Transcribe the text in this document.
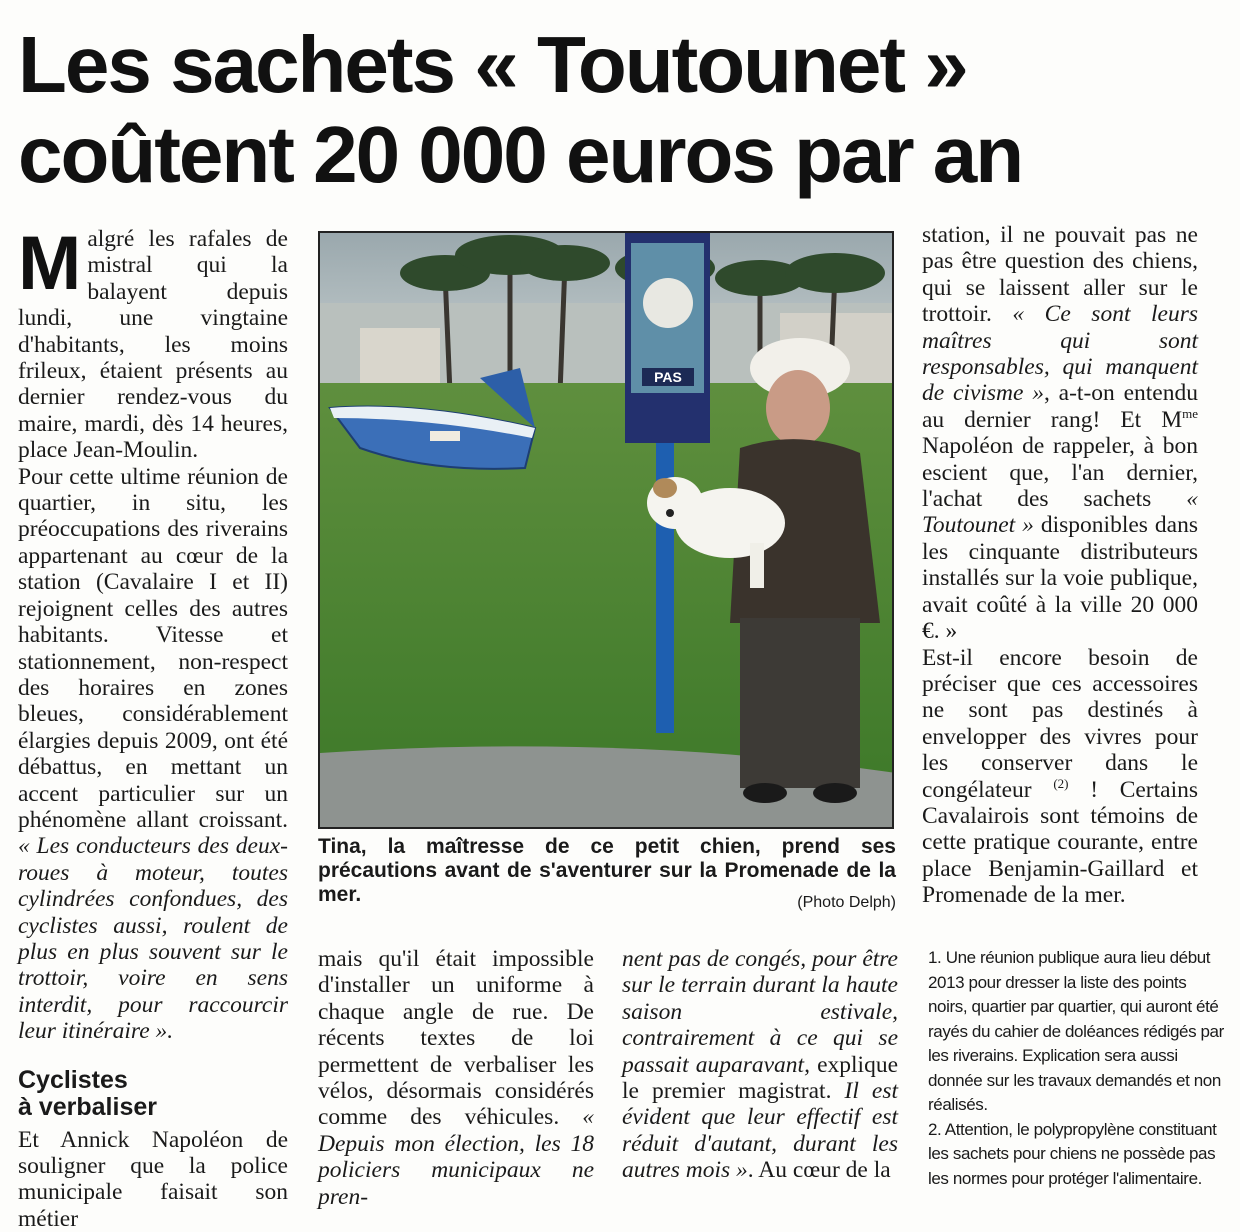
Les sachets « Toutounet »
coûtent 20 000 euros par an

Malgré les rafales de mistral qui la balayent depuis lundi, une vingtaine d'habitants, les moins frileux, étaient présents au dernier rendez-vous du maire, mardi, dès 14 heures, place Jean-Moulin.

Pour cette ultime réunion de quartier, in situ, les préoccupations des riverains appartenant au cœur de la station (Cavalaire I et II) rejoignent celles des autres habitants. Vitesse et stationnement, non-respect des horaires en zones bleues, considérablement élargies depuis 2009, ont été débattus, en mettant un accent particulier sur un phénomène allant croissant. « Les conducteurs des deux-roues à moteur, toutes cylindrées confondues, des cyclistes aussi, roulent de plus en plus souvent sur le trottoir, voire en sens interdit, pour raccourcir leur itinéraire ».

Cyclistes
à verbaliser

Et Annick Napoléon de souligner que la police municipale faisait son métier

PAS
Tina, la maîtresse de ce petit chien, prend ses précautions avant de s'aventurer sur la Promenade de la mer.	(Photo Delph)

mais qu'il était impossible d'installer un uniforme à chaque angle de rue. De récents textes de loi permettent de verbaliser les vélos, désormais considérés comme des véhicules. « Depuis mon élection, les 18 policiers municipaux ne pren-

nent pas de congés, pour être sur le terrain durant la haute saison estivale, contrairement à ce qui se passait auparavant, explique le premier magistrat. Il est évident que leur effectif est réduit d'autant, durant les autres mois ». Au cœur de la

station, il ne pouvait pas ne pas être question des chiens, qui se laissent aller sur le trottoir. « Ce sont leurs maîtres qui sont responsables, qui manquent de civisme », a-t-on entendu au dernier rang! Et $M^{me}$ Napoléon de rappeler, à bon escient que, l'an dernier, l'achat des sachets « Toutounet » disponibles dans les cinquante distributeurs installés sur la voie publique, avait coûté à la ville 20 000 €. »

Est-il encore besoin de préciser que ces accessoires ne sont pas destinés à envelopper des vivres pour les conserver dans le congélateur $^{(2)}$ ! Certains Cavalairois sont témoins de cette pratique courante, entre place Benjamin-Gaillard et Promenade de la mer.

1. Une réunion publique aura lieu début 2013 pour dresser la liste des points noirs, quartier par quartier, qui auront été rayés du cahier de doléances rédigés par les riverains. Explication sera aussi donnée sur les travaux demandés et non réalisés.

2. Attention, le polypropylène constituant les sachets pour chiens ne possède pas les normes pour protéger l'alimentaire.
